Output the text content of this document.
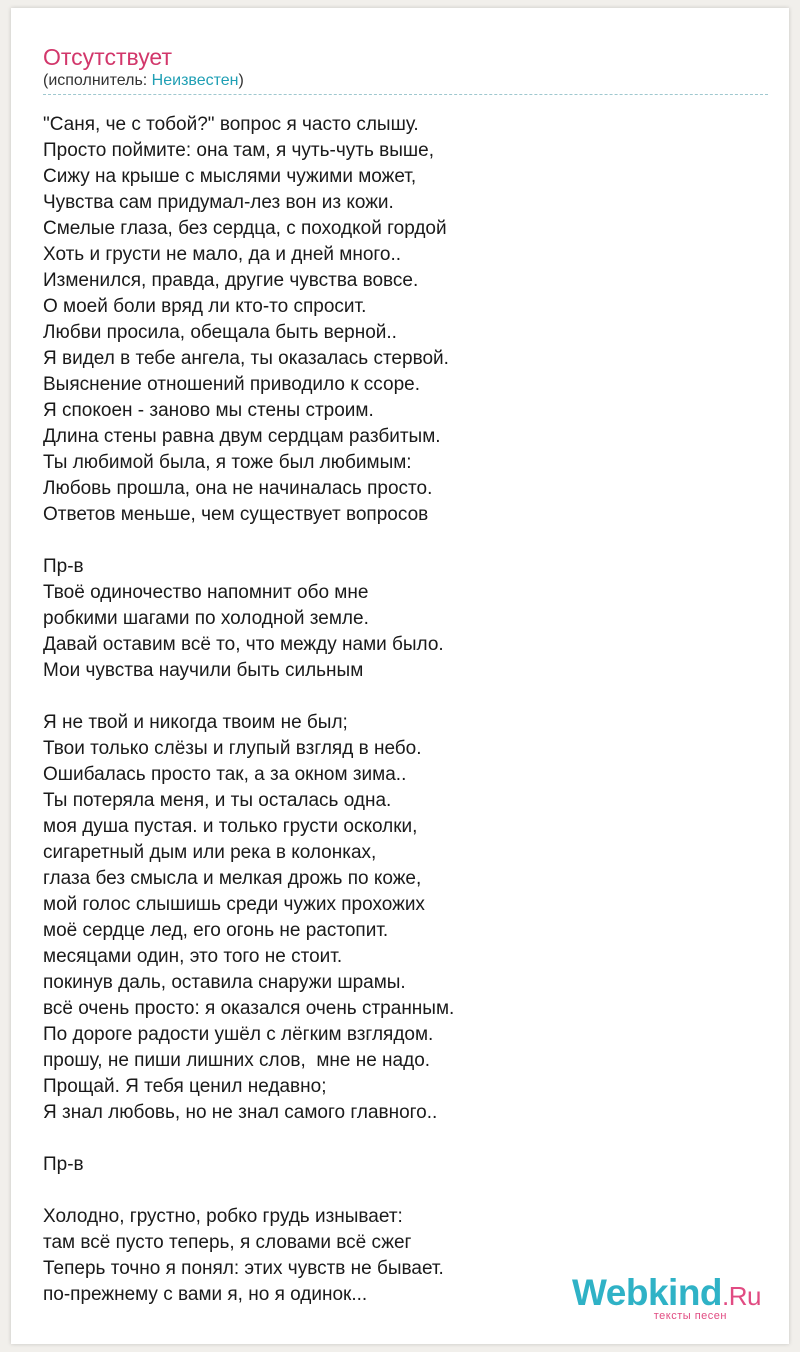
Отсутствует
(исполнитель: Неизвестен)
"Саня, че с тобой?" вопрос я часто слышу.
Просто поймите: она там, я чуть-чуть выше,
Сижу на крыше с мыслями чужими может,
Чувства сам придумал-лез вон из кожи.
Смелые глаза, без сердца, с походкой гордой
Хоть и грусти не мало, да и дней много..
Изменился, правда, другие чувства вовсе.
О моей боли вряд ли кто-то спросит.
Любви просила, обещала быть верной..
Я видел в тебе ангела, ты оказалась стервой.
Выяснение отношений приводило к ссоре.
Я спокоен - заново мы стены строим.
Длина стены равна двум сердцам разбитым.
Ты любимой была, я тоже был любимым:
Любовь прошла, она не начиналась просто.
Ответов меньше, чем существует вопросов
Пр-в
Твоё одиночество напомнит обо мне
робкими шагами по холодной земле.
Давай оставим всё то, что между нами было.
Мои чувства научили быть сильным
Я не твой и никогда твоим не был;
Твои только слёзы и глупый взгляд в небо.
Ошибалась просто так, а за окном зима..
Ты потеряла меня, и ты осталась одна.
моя душа пустая. и только грусти осколки,
сигаретный дым или река в колонках,
глаза без смысла и мелкая дрожь по коже,
мой голос слышишь среди чужих прохожих
моё сердце лед, его огонь не растопит.
месяцами один, это того не стоит.
покинув даль, оставила снаружи шрамы.
всё очень просто: я оказался очень странным.
По дороге радости ушёл с лёгким взглядом.
прошу, не пиши лишних слов,  мне не надо.
Прощай. Я тебя ценил недавно;
Я знал любовь, но не знал самого главного..
Пр-в
Холодно, грустно, робко грудь изнывает:
там всё пусто теперь, я словами всё сжег
Теперь точно я понял: этих чувств не бывает.
по-прежнему с вами я, но я одинок...	Webkind.Ru
тексты песен
